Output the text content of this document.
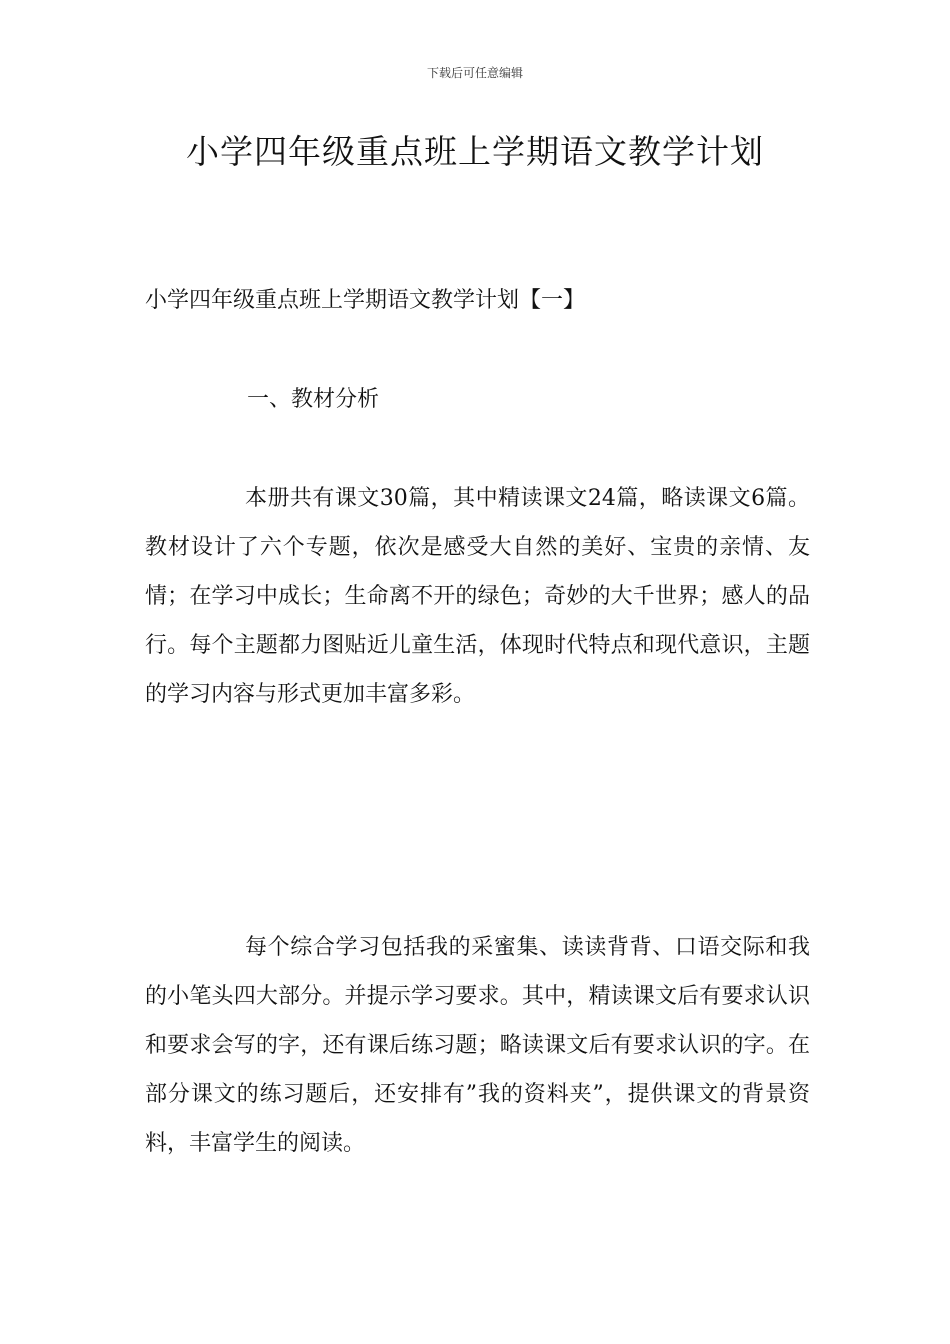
下载后可任意编辑
小学四年级重点班上学期语文教学计划
小学四年级重点班上学期语文教学计划【一】
一、教材分析

本册共有课文30篇，其中精读课文24篇，略读课文6篇。教材设计了六个专题，依次是感受大自然的美好、宝贵的亲情、友情；在学习中成长；生命离不开的绿色；奇妙的大千世界；感人的品行。每个主题都力图贴近儿童生活，体现时代特点和现代意识，主题的学习内容与形式更加丰富多彩。

每个综合学习包括我的采蜜集、读读背背、口语交际和我的小笔头四大部分。并提示学习要求。其中，精读课文后有要求认识和要求会写的字，还有课后练习题；略读课文后有要求认识的字。在部分课文的练习题后，还安排有”我的资料夹”，提供课文的背景资料，丰富学生的阅读。
